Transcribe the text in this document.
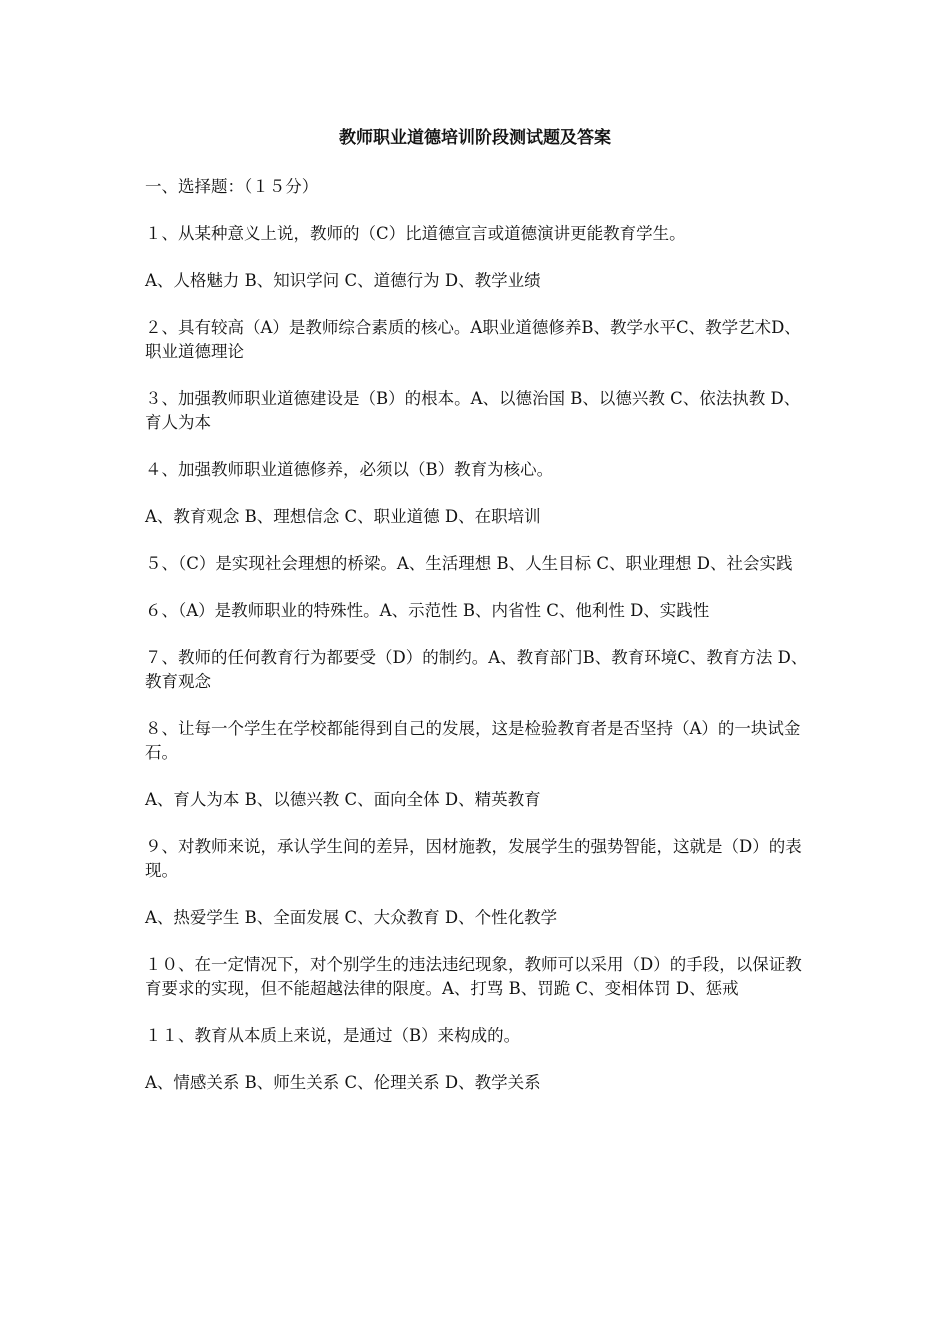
教师职业道德培训阶段测试题及答案
一、选择题：（１５分）
１、从某种意义上说，教师的（C）比道德宣言或道德演讲更能教育学生。
A、人格魅力 B、知识学问 C、道德行为 D、教学业绩
２、具有较高（A）是教师综合素质的核心。A职业道德修养B、教学水平C、教学艺术D、职业道德理论
３、加强教师职业道德建设是（B）的根本。A、以德治国 B、以德兴教 C、依法执教 D、育人为本
４、加强教师职业道德修养，必须以（B）教育为核心。
A、教育观念 B、理想信念 C、职业道德 D、在职培训
５、（C）是实现社会理想的桥梁。A、生活理想 B、人生目标 C、职业理想 D、社会实践
６、（A）是教师职业的特殊性。A、示范性 B、内省性 C、他利性 D、实践性
７、教师的任何教育行为都要受（D）的制约。A、教育部门B、教育环境C、教育方法 D、教育观念
８、让每一个学生在学校都能得到自己的发展，这是检验教育者是否坚持（A）的一块试金石。
A、育人为本 B、以德兴教 C、面向全体 D、精英教育
９、对教师来说，承认学生间的差异，因材施教，发展学生的强势智能，这就是（D）的表现。
A、热爱学生 B、全面发展 C、大众教育 D、个性化教学
１０、在一定情况下，对个别学生的违法违纪现象，教师可以采用（D）的手段，以保证教育要求的实现，但不能超越法律的限度。A、打骂 B、罚跪 C、变相体罚 D、惩戒
１１、教育从本质上来说，是通过（B）来构成的。
A、情感关系 B、师生关系 C、伦理关系 D、教学关系
